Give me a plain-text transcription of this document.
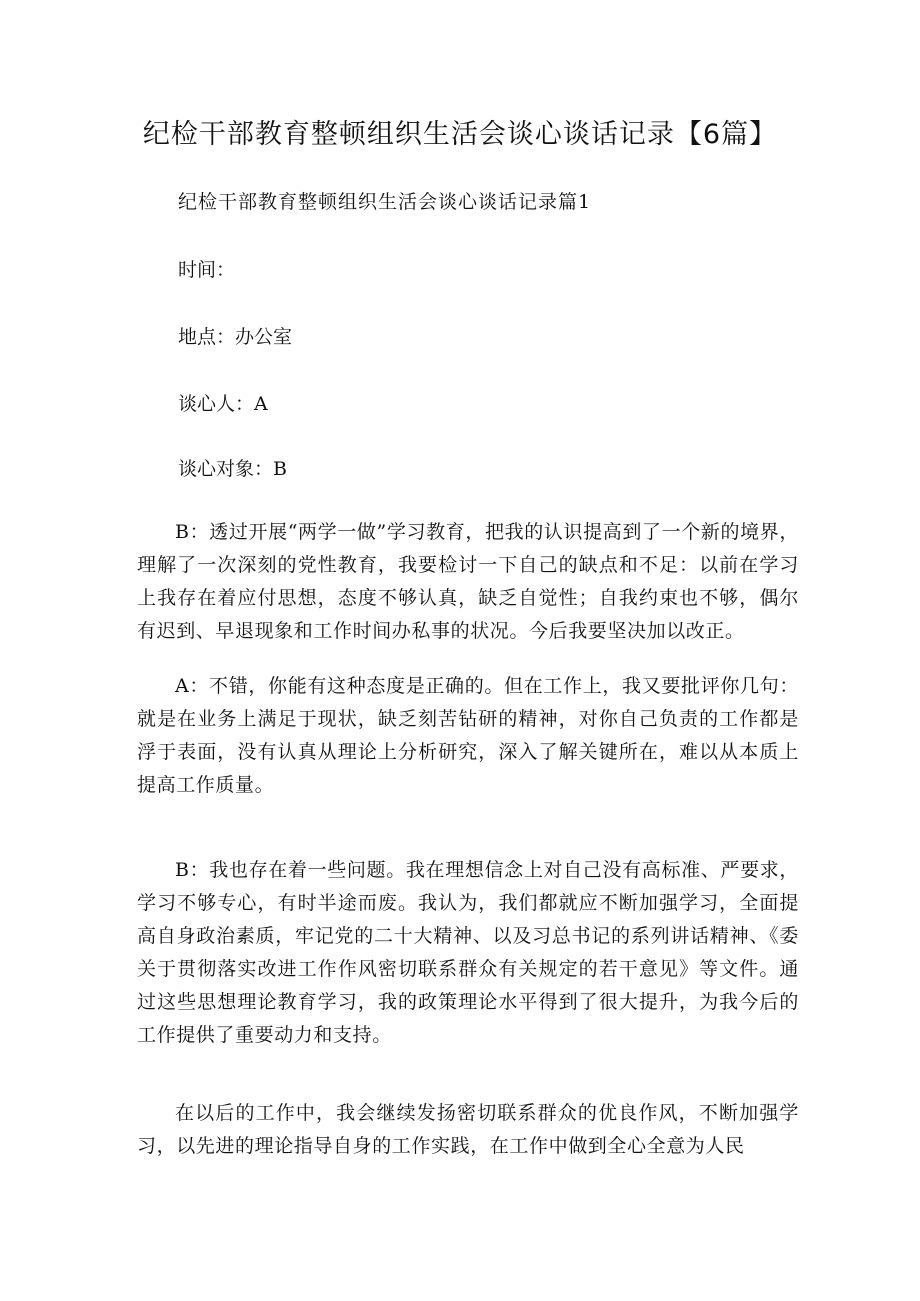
纪检干部教育整顿组织生活会谈心谈话记录【6篇】

纪检干部教育整顿组织生活会谈心谈话记录篇1

时间：

地点：办公室

谈心人：A

谈心对象：B

B：透过开展“两学一做”学习教育，把我的认识提高到了一个新的境界，理解了一次深刻的党性教育，我要检讨一下自己的缺点和不足：以前在学习上我存在着应付思想，态度不够认真，缺乏自觉性；自我约束也不够，偶尔有迟到、早退现象和工作时间办私事的状况。今后我要坚决加以改正。

A：不错，你能有这种态度是正确的。但在工作上，我又要批评你几句：就是在业务上满足于现状，缺乏刻苦钻研的精神，对你自己负责的工作都是浮于表面，没有认真从理论上分析研究，深入了解关键所在，难以从本质上提高工作质量。

B：我也存在着一些问题。我在理想信念上对自己没有高标准、严要求，学习不够专心，有时半途而废。我认为，我们都就应不断加强学习，全面提高自身政治素质，牢记党的二十大精神、以及习总书记的系列讲话精神、《委关于贯彻落实改进工作作风密切联系群众有关规定的若干意见》等文件。通过这些思想理论教育学习，我的政策理论水平得到了很大提升，为我今后的工作提供了重要动力和支持。

在以后的工作中，我会继续发扬密切联系群众的优良作风，不断加强学习，以先进的理论指导自身的工作实践，在工作中做到全心全意为人民
